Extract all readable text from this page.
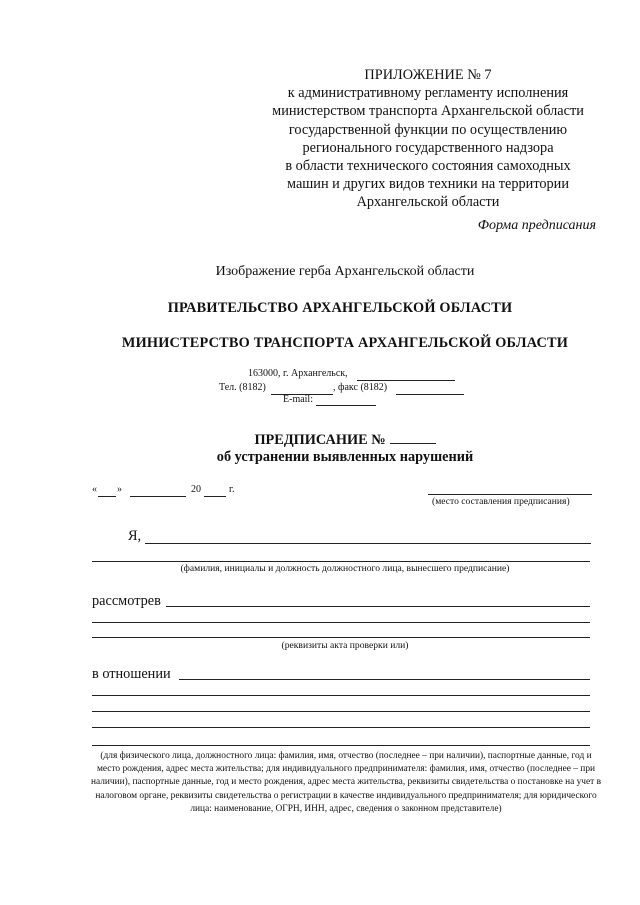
ПРИЛОЖЕНИЕ № 7
к административному регламенту исполнения
министерством транспорта Архангельской области
государственной функции по осуществлению
регионального государственного надзора
в области технического состояния самоходных
машин и других видов техники на территории
Архангельской области
Форма предписания
Изображение герба Архангельской области
ПРАВИТЕЛЬСТВО АРХАНГЕЛЬСКОЙ ОБЛАСТИ
МИНИСТЕРСТВО ТРАНСПОРТА АРХАНГЕЛЬСКОЙ ОБЛАСТИ
163000, г. Архангельск,
Тел. (8182)	, факс (8182)
E-mail:
ПРЕДПИСАНИЕ №
об устранении выявленных нарушений
« »	20	г.
(место составления предписания)
Я,
(фамилия, инициалы и должность должностного лица, вынесшего предписание)
рассмотрев
(реквизиты акта проверки или)
в отношении
(для физического лица, должностного лица: фамилия, имя, отчество (последнее – при наличии), паспортные данные, год и место рождения, адрес места жительства; для индивидуального предпринимателя: фамилия, имя, отчество (последнее – при наличии), паспортные данные, год и место рождения, адрес места жительства, реквизиты свидетельства о постановке на учет в налоговом органе, реквизиты свидетельства о регистрации в качестве индивидуального предпринимателя; для юридического лица: наименование, ОГРН, ИНН, адрес, сведения о законном представителе)
